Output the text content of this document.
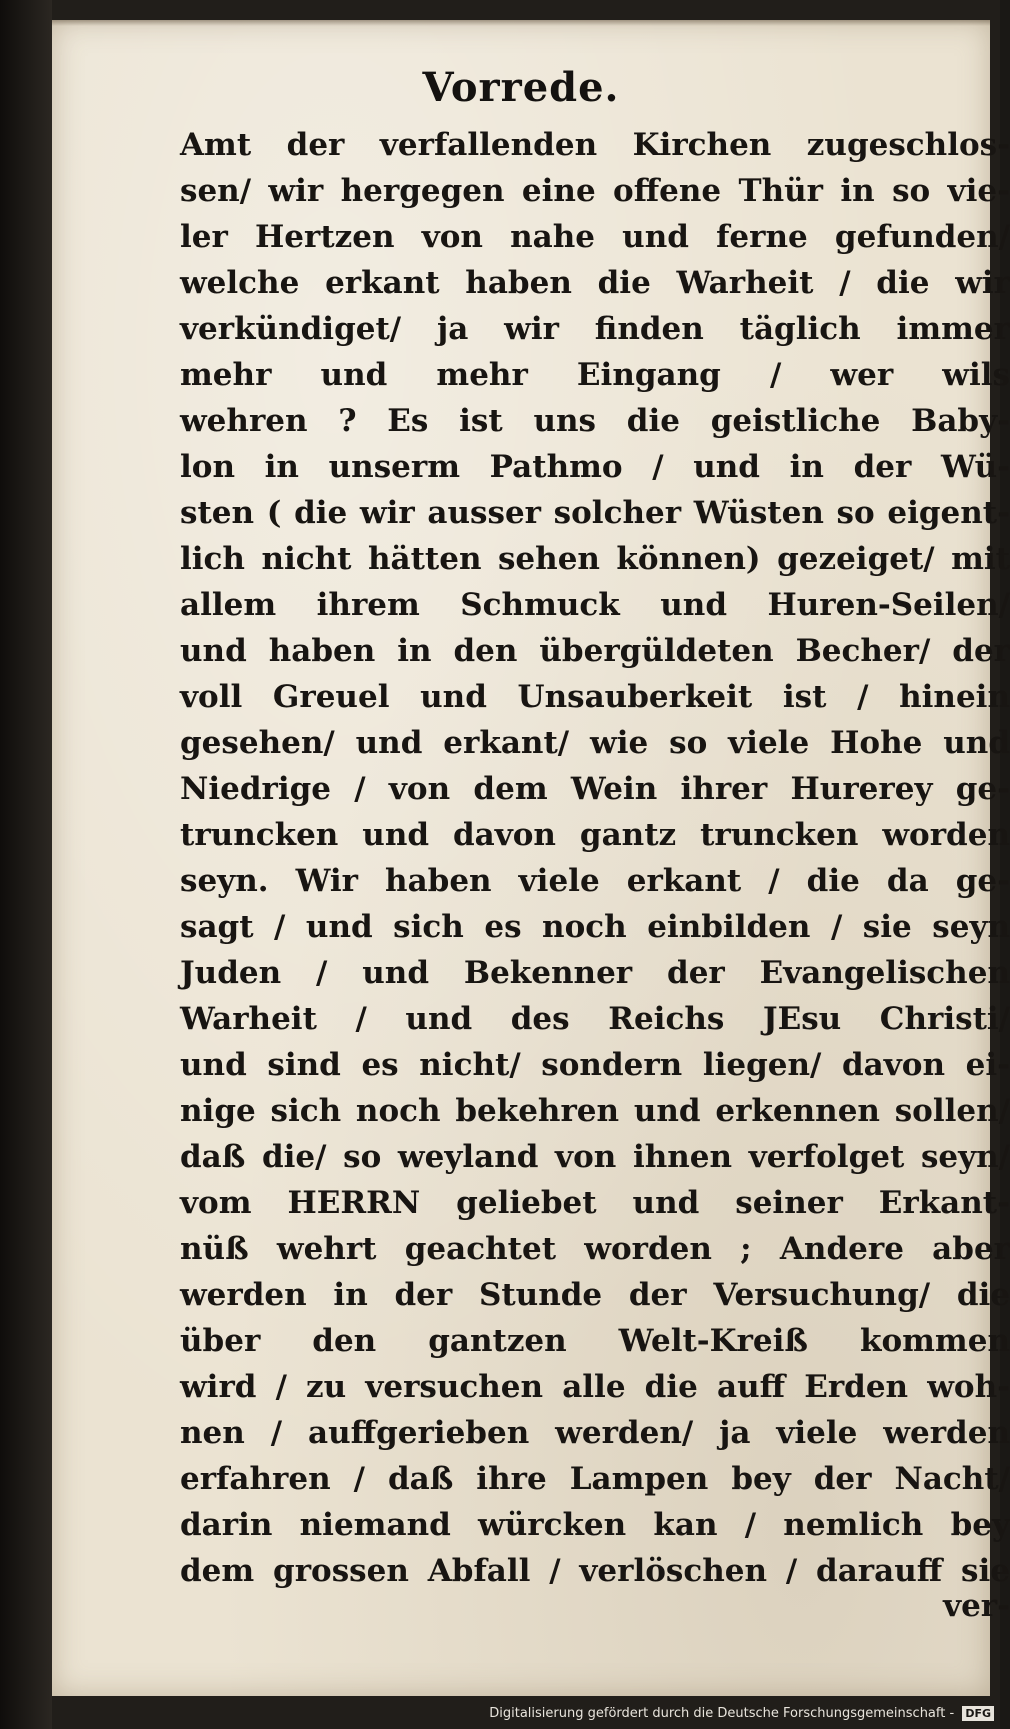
Vorrede.
Amt der verfallenden Kirchen zugeschlos-
sen/ wir hergegen eine offene Thür in so vie-
ler Hertzen von nahe und ferne gefunden/
welche erkant haben die Warheit / die wir
verkündiget/ ja wir finden täglich immer
mehr und mehr Eingang / wer wils
wehren ? Es ist uns die geistliche Baby-
lon in unserm Pathmo / und in der Wü-
sten ( die wir ausser solcher Wüsten so eigent-
lich nicht hätten sehen können) gezeiget/ mit
allem ihrem Schmuck und Huren-Seilen/
und haben in den übergüldeten Becher/ der
voll Greuel und Unsauberkeit ist / hinein
gesehen/ und erkant/ wie so viele Hohe und
Niedrige / von dem Wein ihrer Hurerey ge-
truncken und davon gantz truncken worden
seyn. Wir haben viele erkant / die da ge-
sagt / und sich es noch einbilden / sie seyn
Juden / und Bekenner der Evangelischen
Warheit / und des Reichs JEsu Christi/
und sind es nicht/ sondern liegen/ davon ei-
nige sich noch bekehren und erkennen sollen/
daß die/ so weyland von ihnen verfolget seyn/
vom HERRN geliebet und seiner Erkant-
nüß wehrt geachtet worden ; Andere aber
werden in der Stunde der Versuchung/ die
über den gantzen Welt-Kreiß kommen
wird / zu versuchen alle die auff Erden woh-
nen / auffgerieben werden/ ja viele werden
erfahren / daß ihre Lampen bey der Nacht/
darin niemand würcken kan / nemlich bey
dem grossen Abfall / verlöschen / darauff sie
ver-
Digitalisierung gefördert durch die Deutsche Forschungsgemeinschaft - DFG
